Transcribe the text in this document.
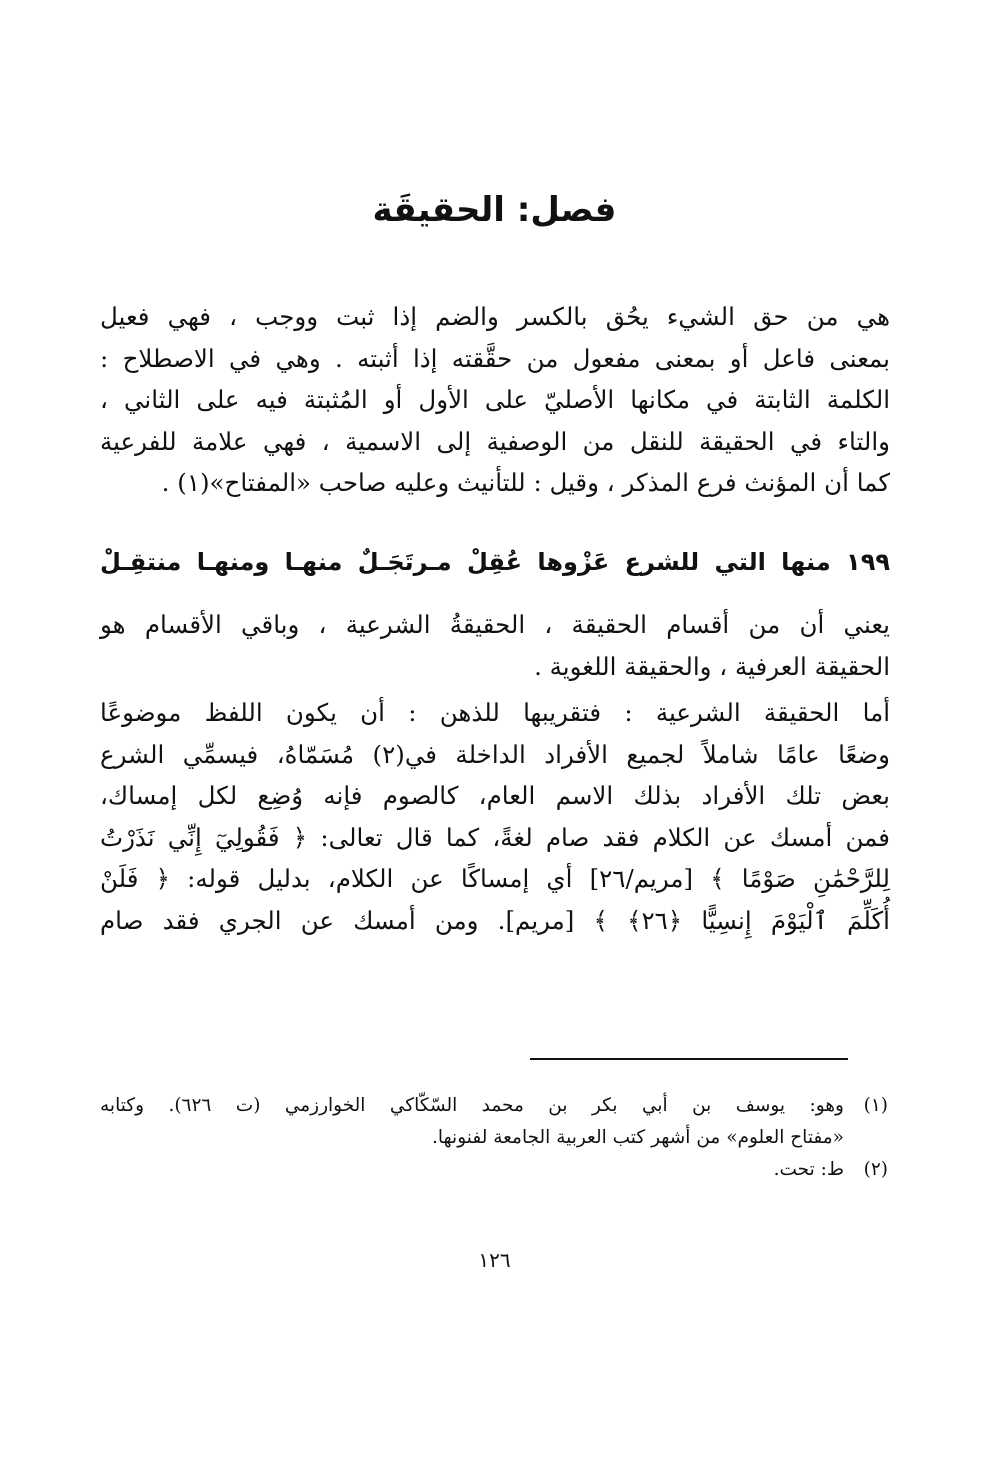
فصل: الحقيقَة
هي من حق الشيء يحُق بالكسر والضم إذا ثبت ووجب ، فهي فعيل
بمعنى فاعل أو بمعنى مفعول من حقَّقته إذا أثبته . وهي في الاصطلاح :
الكلمة الثابتة في مكانها الأصليّ على الأول أو المُثبتة فيه على الثاني ،
والتاء في الحقيقة للنقل من الوصفية إلى الاسمية ، فهي علامة للفرعية
كما أن المؤنث فرع المذكر ، وقيل : للتأنيث وعليه صاحب «المفتاح»(١) .
١٩٩ منها التي للشرع عَزْوها عُقِلْ مـرتَجَـلٌ منهـا ومنهـا منتقِـلْ
يعني أن من أقسام الحقيقة ، الحقيقةُ الشرعية ، وباقي الأقسام هو
الحقيقة العرفية ، والحقيقة اللغوية .
أما الحقيقة الشرعية : فتقريبها للذهن : أن يكون اللفظ موضوعًا
وضعًا عامًا شاملاً لجميع الأفراد الداخلة في(٢) مُسَمّاهُ، فيسمِّي الشرع
بعض تلك الأفراد بذلك الاسم العام، كالصوم فإنه وُضِع لكل إمساك،
فمن أمسك عن الكلام فقد صام لغةً، كما قال تعالى: ﴿ فَقُولِيٓ إِنِّي نَذَرْتُ
لِلرَّحْمَٰنِ صَوْمًا ﴾ [مريم/٢٦] أي إمساكًا عن الكلام، بدليل قوله: ﴿ فَلَنْ
أُكَلِّمَ ٱلْيَوْمَ إِنسِيًّا ﴿٢٦﴾ ﴾ [مريم]. ومن أمسك عن الجري فقد صام
(١)وهو: يوسف بن أبي بكر بن محمد السّكّاكي الخوارزمي (ت ٦٢٦). وكتابه
«مفتاح العلوم» من أشهر كتب العربية الجامعة لفنونها.
(٢)ط: تحت.
١٢٦
